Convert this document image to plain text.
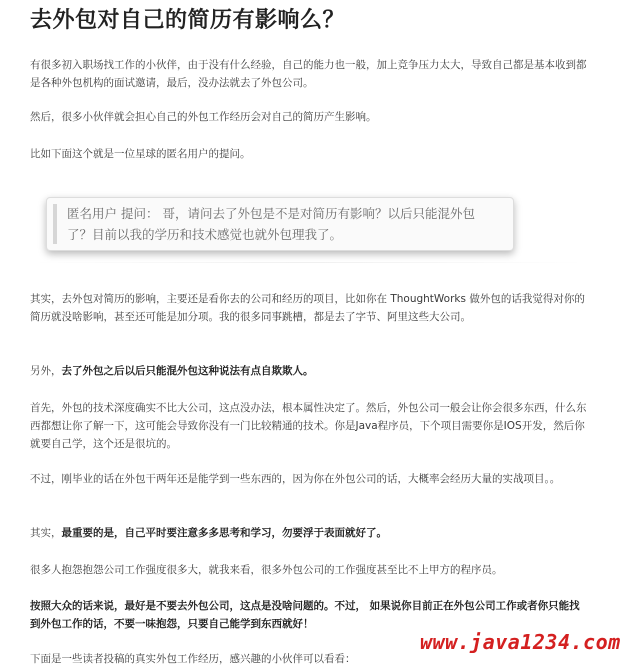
去外包对自己的简历有影响么？

有很多初入职场找工作的小伙伴，由于没有什么经验，自己的能力也一般，加上竞争压力太大，导致自己都是基本收到都是各种外包机构的面试邀请，最后，没办法就去了外包公司。

然后，很多小伙伴就会担心自己的外包工作经历会对自己的简历产生影响。

比如下面这个就是一位星球的匿名用户的提问。

匿名用户 提问： 哥，请问去了外包是不是对简历有影响？以后只能混外包了？目前以我的学历和技术感觉也就外包理我了。

其实，去外包对简历的影响，主要还是看你去的公司和经历的项目，比如你在 ThoughtWorks 做外包的话我觉得对你的简历就没啥影响，甚至还可能是加分项。我的很多同事跳槽，都是去了字节、阿里这些大公司。

另外，去了外包之后以后只能混外包这种说法有点自欺欺人。

首先，外包的技术深度确实不比大公司，这点没办法，根本属性决定了。然后，外包公司一般会让你会很多东西，什么东西都想让你了解一下，这可能会导致你没有一门比较精通的技术。你是Java程序员，下个项目需要你是IOS开发，然后你就要自己学，这个还是很坑的。

不过，刚毕业的话在外包干两年还是能学到一些东西的，因为你在外包公司的话，大概率会经历大量的实战项目。。

其实，最重要的是，自己平时要注意多多思考和学习，勿要浮于表面就好了。

很多人抱怨抱怨公司工作强度很多大，就我来看，很多外包公司的工作强度甚至比不上甲方的程序员。

按照大众的话来说，最好是不要去外包公司，这点是没啥问题的。不过， 如果说你目前正在外包公司工作或者你只能找到外包工作的话，不要一味抱怨，只要自己能学到东西就好！

下面是一些读者投稿的真实外包工作经历，感兴趣的小伙伴可以看看：

www.java1234.com
